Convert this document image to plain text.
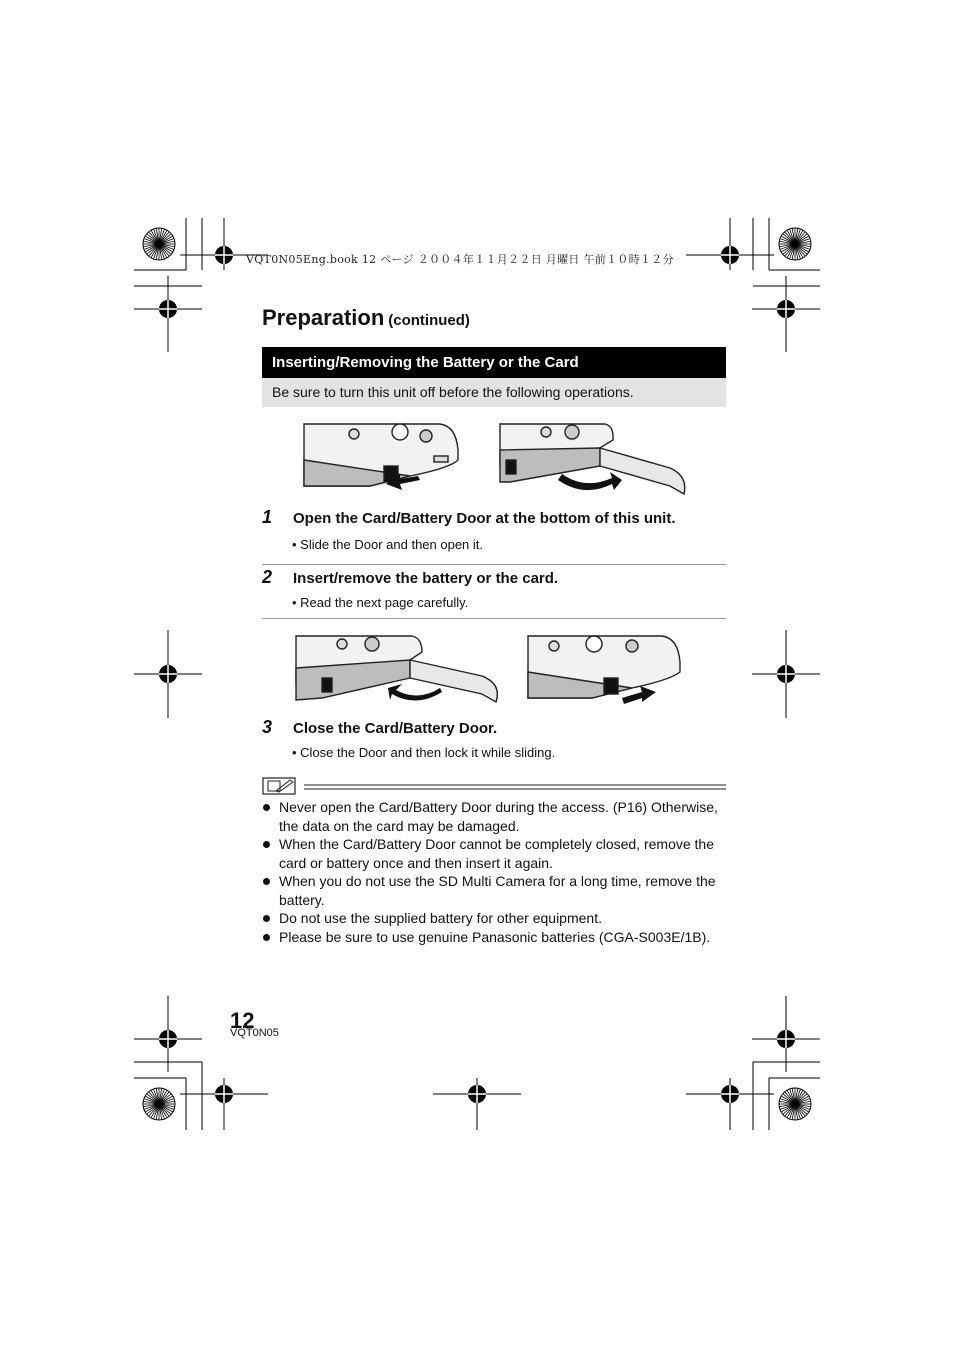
VQT0N05Eng.book 12 ページ ２００４年１１月２２日 月曜日 午前１０時１２分
Preparation (continued)
Inserting/Removing the Battery or the Card
Be sure to turn this unit off before the following operations.
1 Open the Card/Battery Door at the bottom of this unit.
• Slide the Door and then open it.
2 Insert/remove the battery or the card.
• Read the next page carefully.
3 Close the Card/Battery Door.
• Close the Door and then lock it while sliding.
Never open the Card/Battery Door during the access. (P16) Otherwise, the data on the card may be damaged.
When the Card/Battery Door cannot be completely closed, remove the card or battery once and then insert it again.
When you do not use the SD Multi Camera for a long time, remove the battery.
Do not use the supplied battery for other equipment.
Please be sure to use genuine Panasonic batteries (CGA-S003E/1B).
12
VQT0N05
